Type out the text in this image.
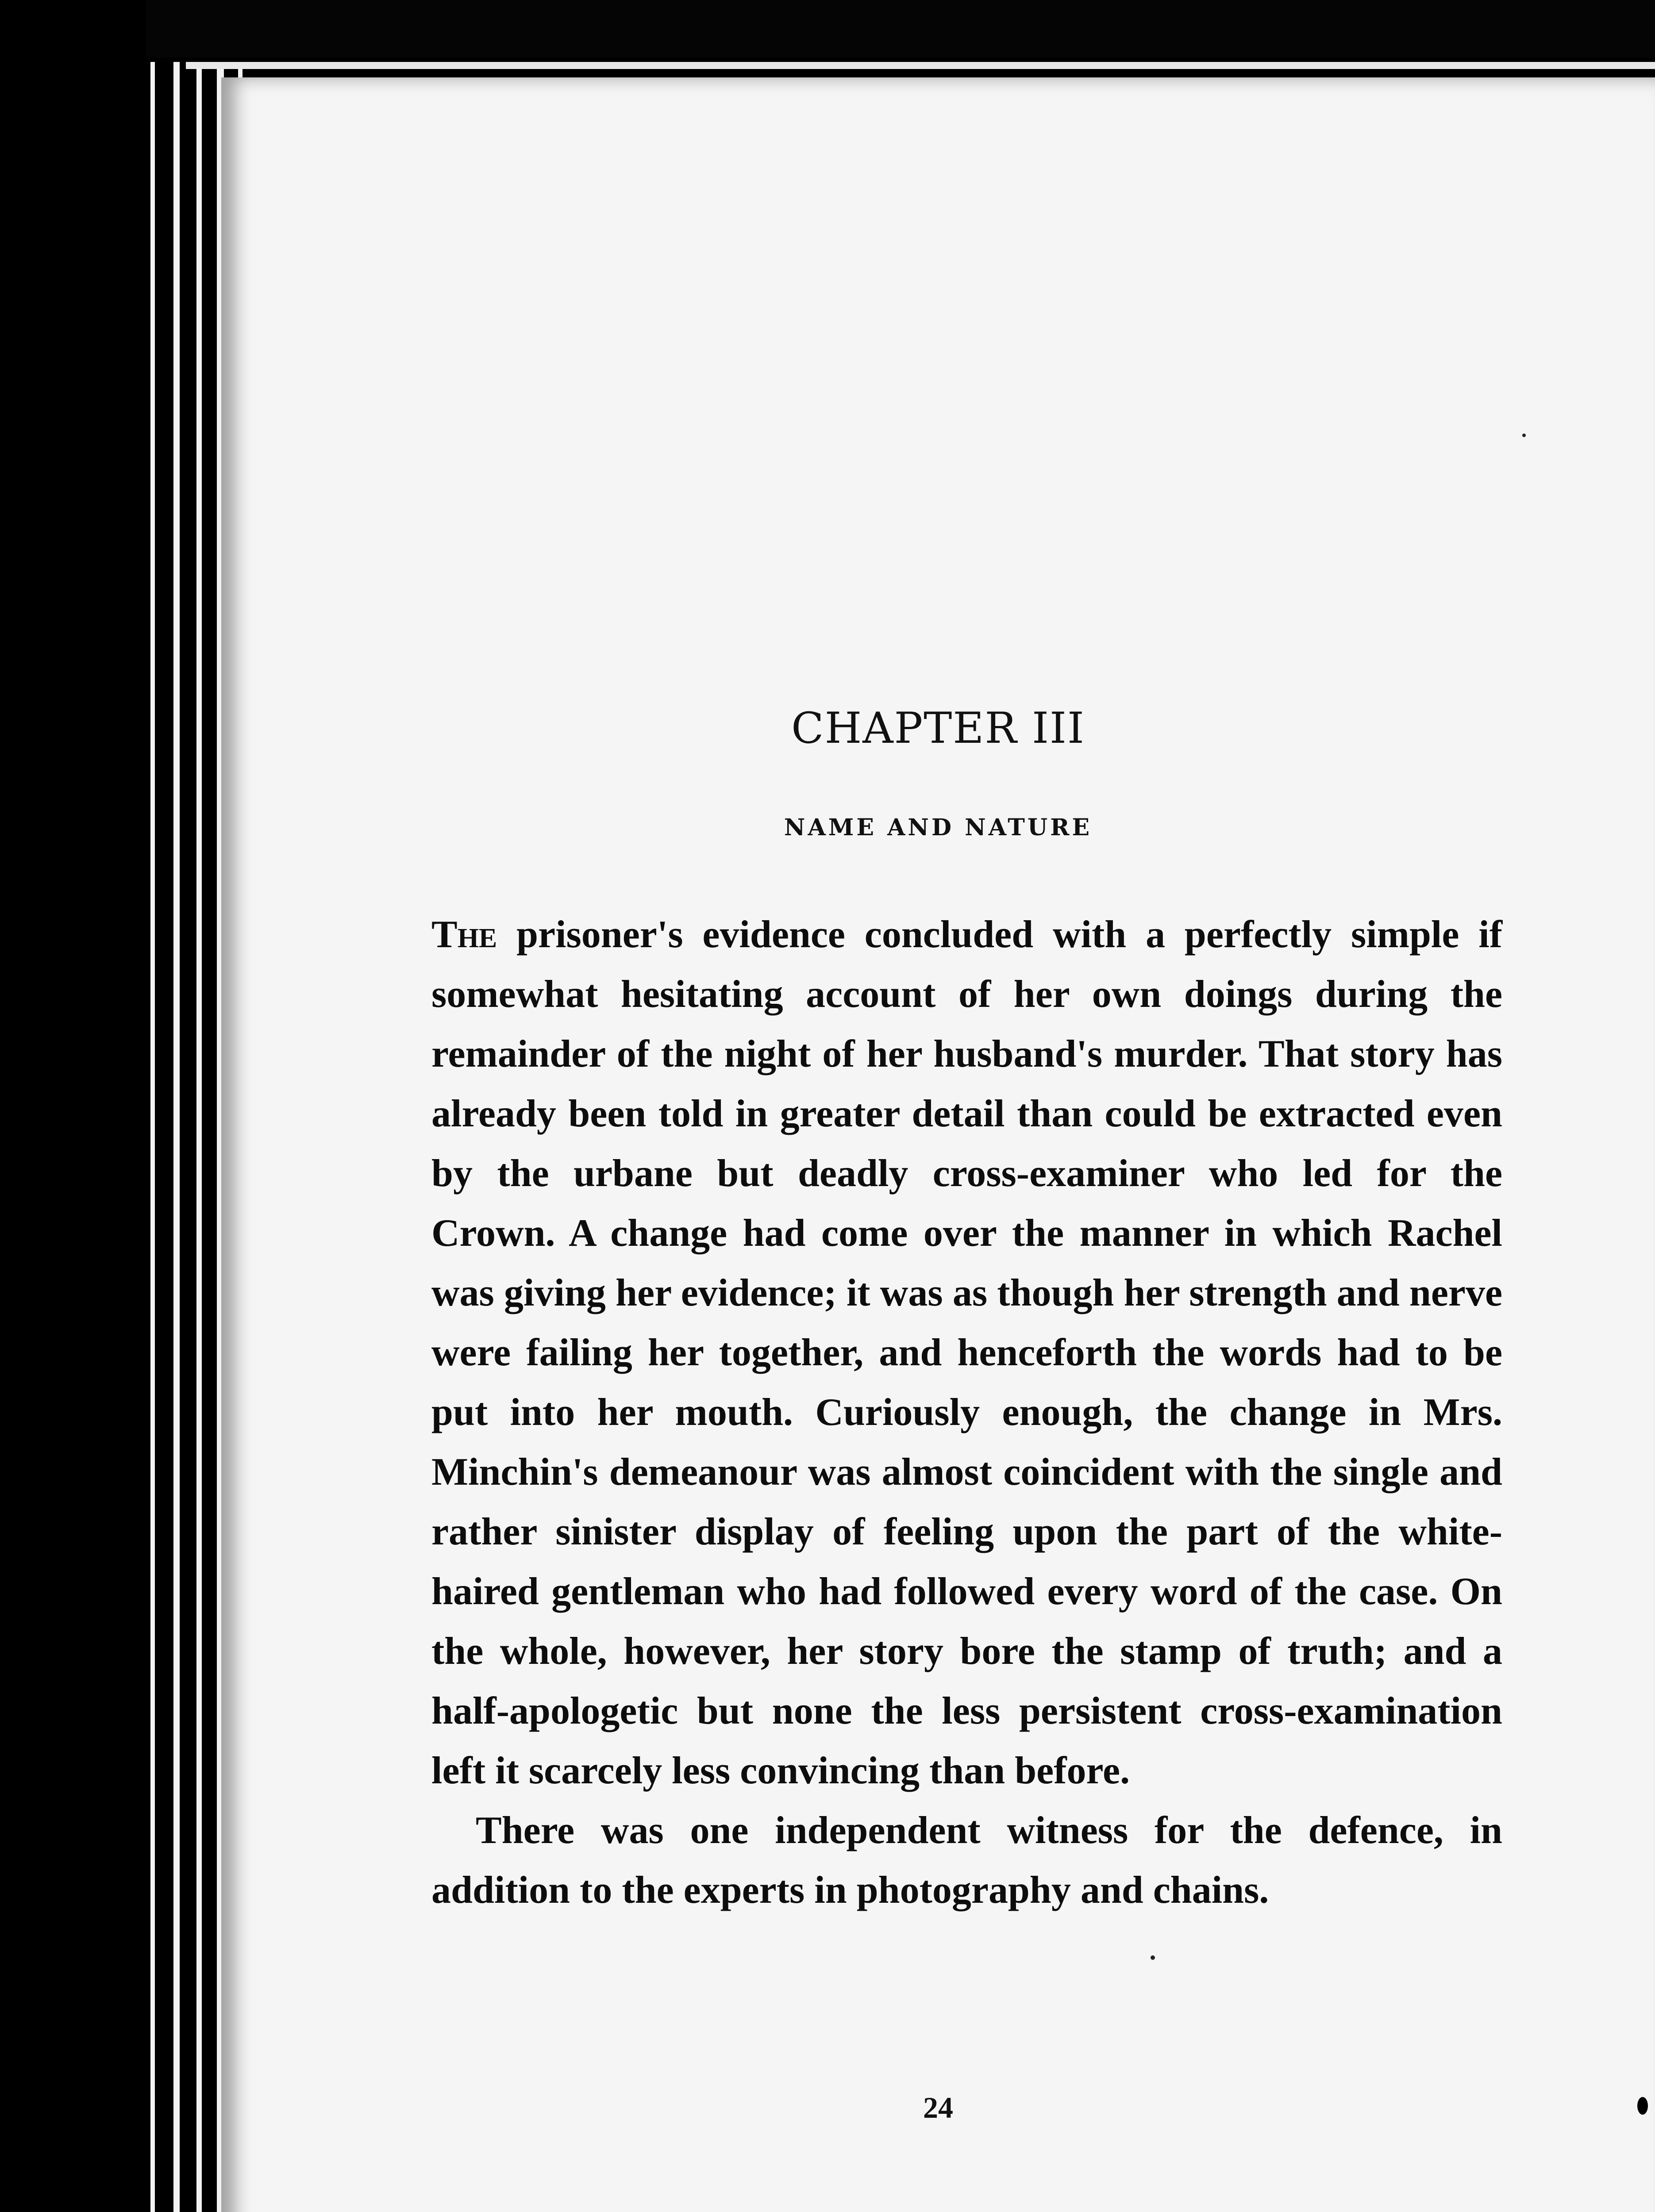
CHAPTER III
NAME AND NATURE

The prisoner's evidence concluded with a perfectly simple if somewhat hesitating account of her own doings during the remainder of the night of her husband's murder. That story has already been told in greater detail than could be extracted even by the urbane but deadly cross-examiner who led for the Crown. A change had come over the manner in which Rachel was giving her evidence; it was as though her strength and nerve were failing her together, and henceforth the words had to be put into her mouth. Curiously enough, the change in Mrs. Minchin's demeanour was almost coincident with the single and rather sinister display of feeling upon the part of the white-haired gentleman who had followed every word of the case. On the whole, however, her story bore the stamp of truth; and a half-apologetic but none the less persistent cross-examination left it scarcely less convincing than before.

There was one independent witness for the defence, in addition to the experts in photography and chains.

24
